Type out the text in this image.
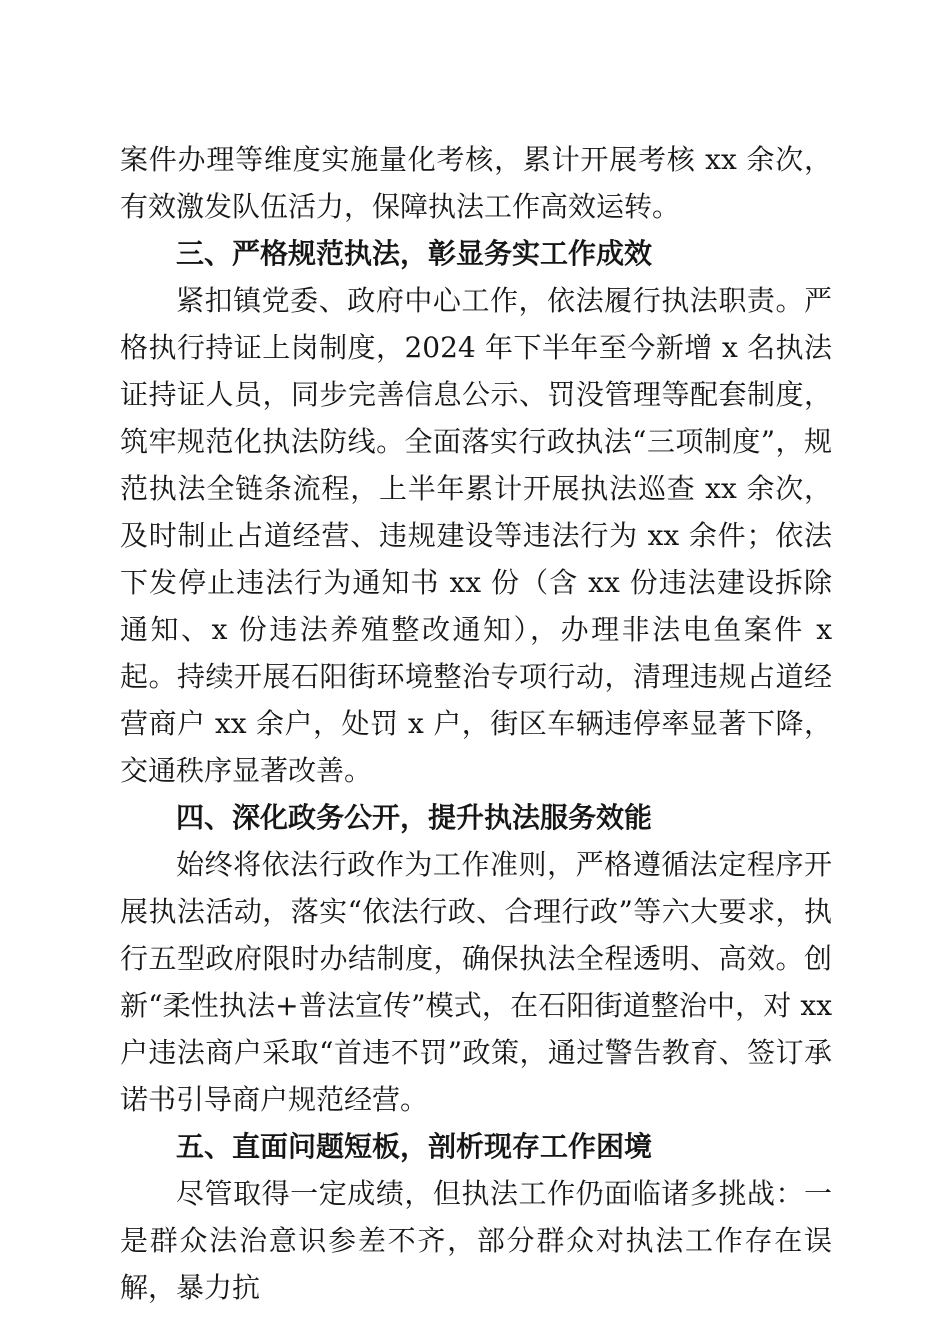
案件办理等维度实施量化考核，累计开展考核 xx 余次，有效激发队伍活力，保障执法工作高效运转。

三、严格规范执法，彰显务实工作成效

紧扣镇党委、政府中心工作，依法履行执法职责。严格执行持证上岗制度，2024 年下半年至今新增 x 名执法证持证人员，同步完善信息公示、罚没管理等配套制度，筑牢规范化执法防线。全面落实行政执法“三项制度”，规范执法全链条流程，上半年累计开展执法巡查 xx 余次，及时制止占道经营、违规建设等违法行为 xx 余件；依法下发停止违法行为通知书 xx 份（含 xx 份违法建设拆除通知、x 份违法养殖整改通知），办理非法电鱼案件 x 起。持续开展石阳街环境整治专项行动，清理违规占道经营商户 xx 余户，处罚 x 户，街区车辆违停率显著下降，交通秩序显著改善。

四、深化政务公开，提升执法服务效能

始终将依法行政作为工作准则，严格遵循法定程序开展执法活动，落实“依法行政、合理行政”等六大要求，执行五型政府限时办结制度，确保执法全程透明、高效。创新“柔性执法+普法宣传”模式，在石阳街道整治中，对 xx 户违法商户采取“首违不罚”政策，通过警告教育、签订承诺书引导商户规范经营。

五、直面问题短板，剖析现存工作困境

尽管取得一定成绩，但执法工作仍面临诸多挑战：一是群众法治意识参差不齐，部分群众对执法工作存在误解，暴力抗
